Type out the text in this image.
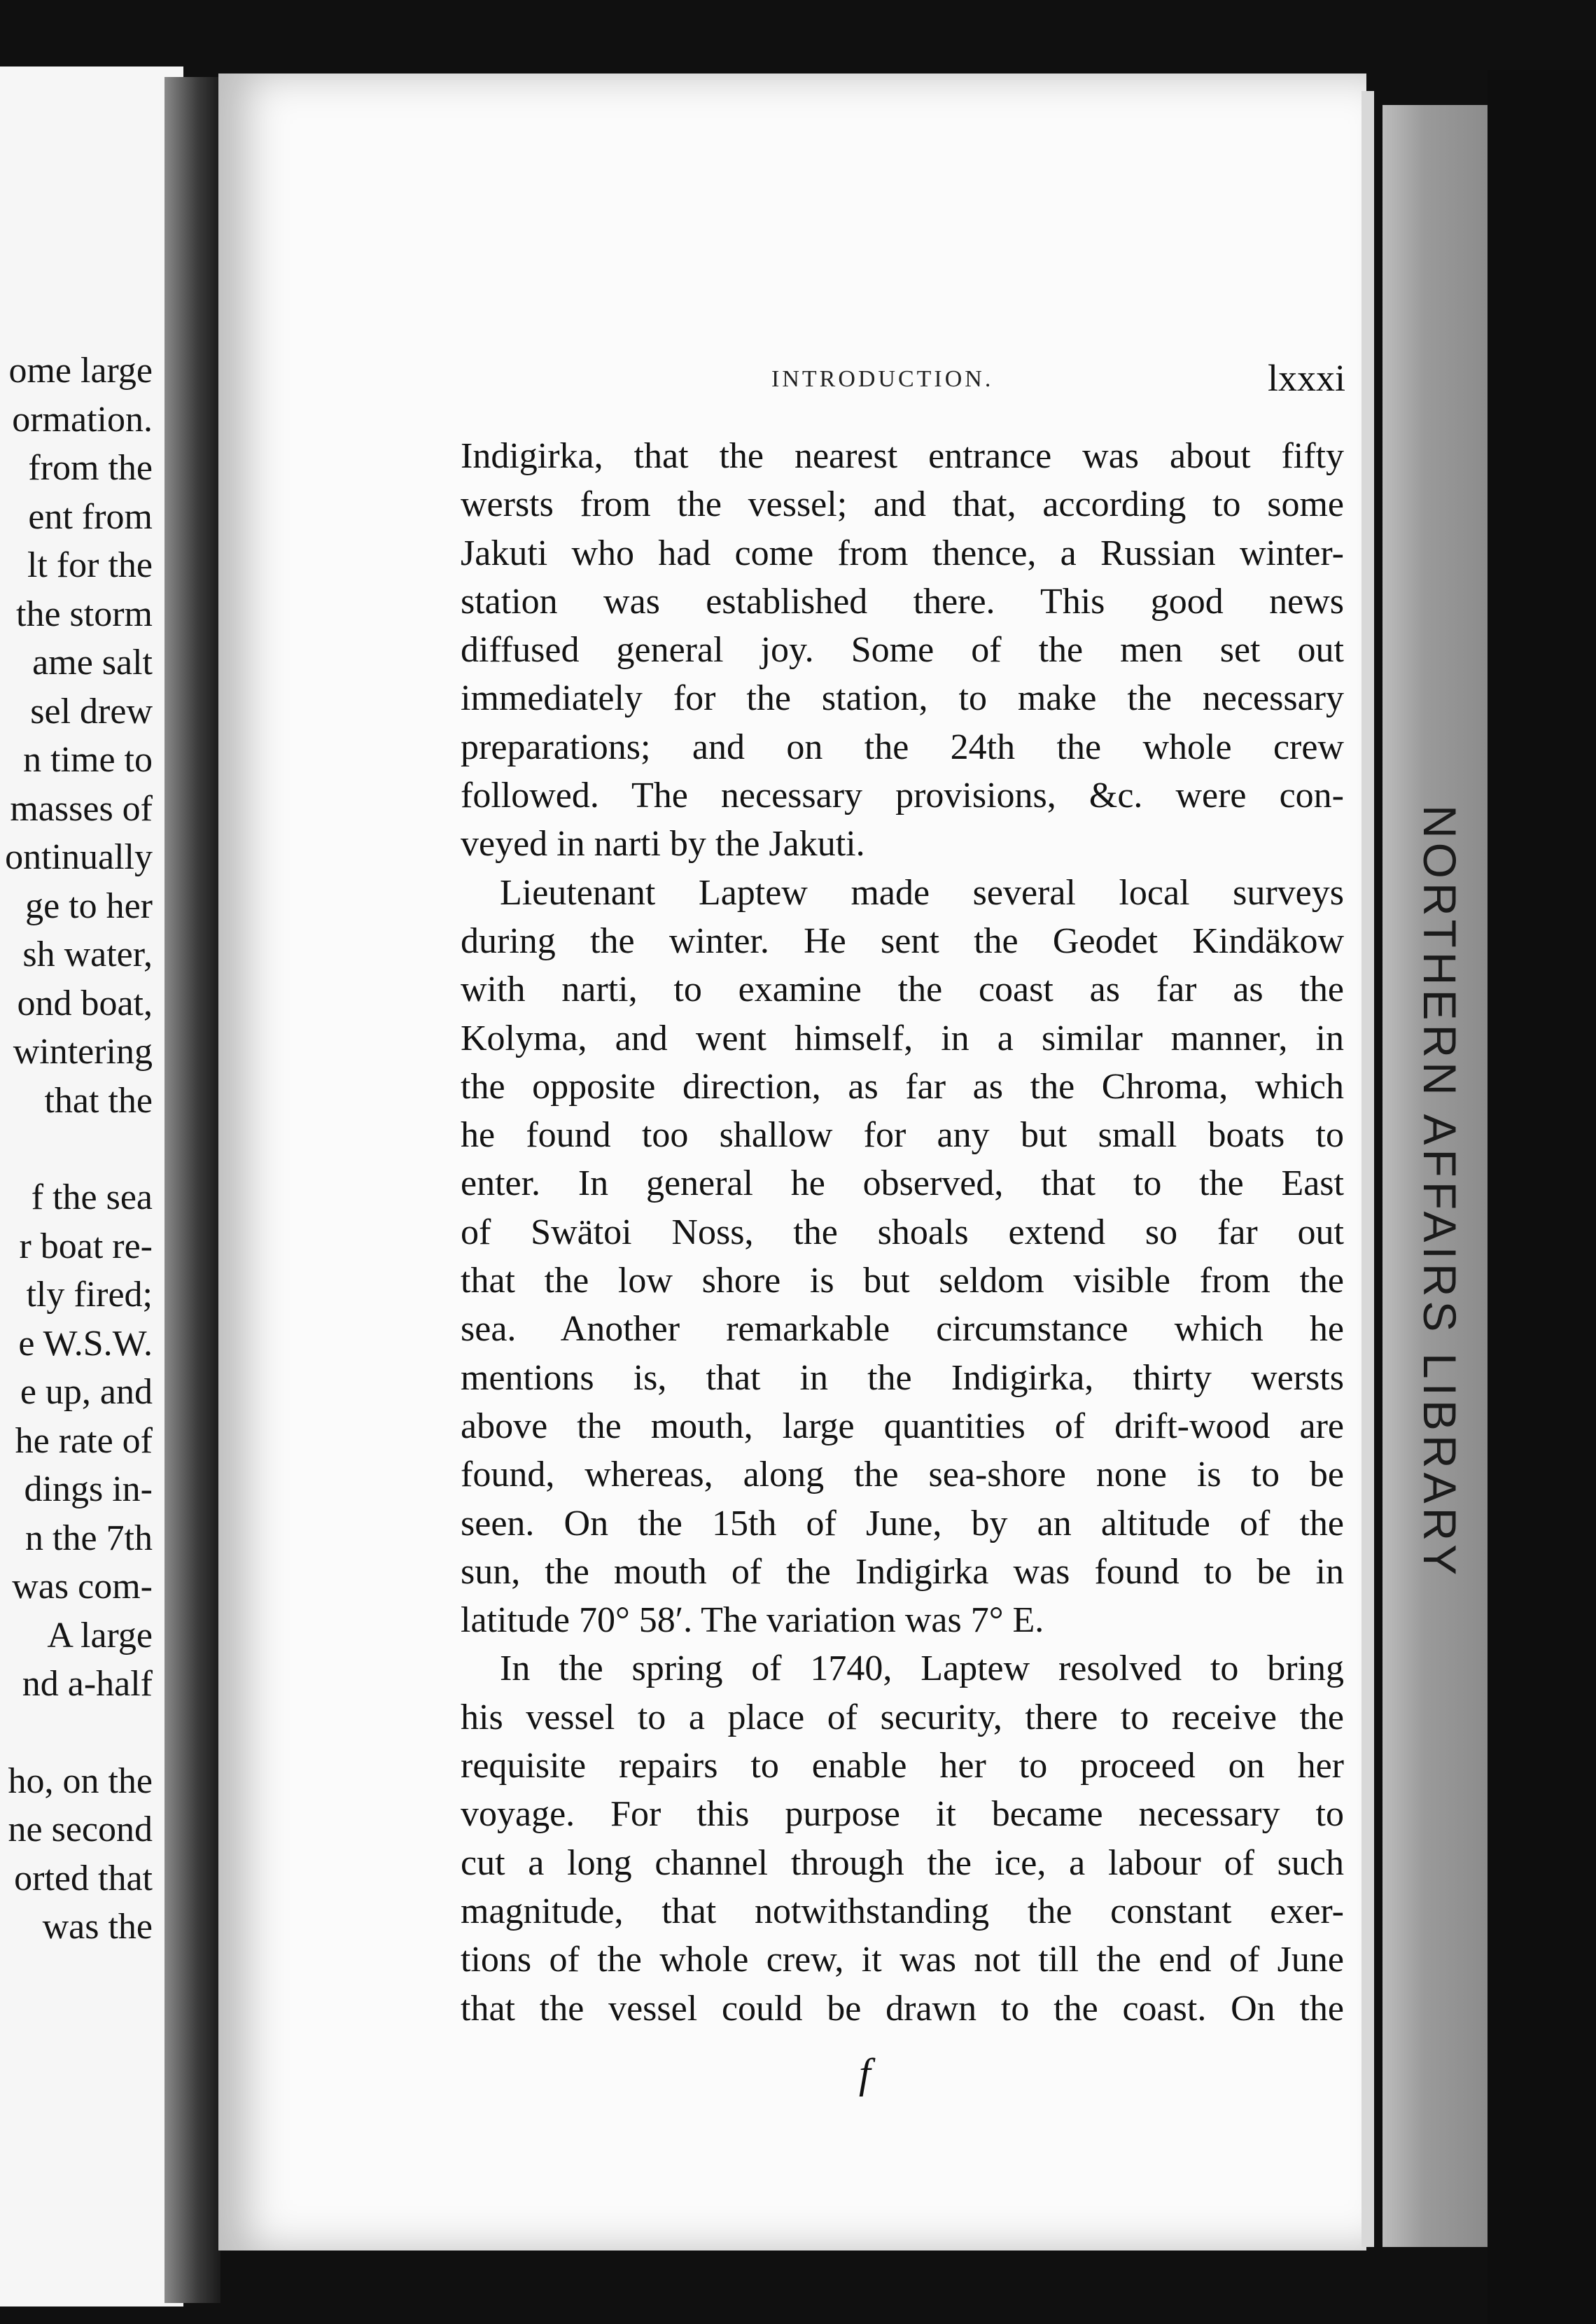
ome large
ormation.
from the
ent from
lt for the
the storm
ame salt
sel drew
n time to
masses of
ontinually
ge to her
sh water,
ond boat,
wintering
that the
f the sea
r boat re-
tly fired;
e W.S.W.
e up, and
he rate of
dings in-
n the 7th
was com-
A large
nd a-half
ho, on the
ne second
orted that
was the
INTRODUCTION.	lxxxi
Indigirka, that the nearest entrance was about fifty
wersts from the vessel; and that, according to some
Jakuti who had come from thence, a Russian winter-
station was established there. This good news
diffused general joy. Some of the men set out
immediately for the station, to make the necessary
preparations; and on the 24th the whole crew
followed. The necessary provisions, &c. were con-
veyed in narti by the Jakuti.
Lieutenant Laptew made several local surveys
during the winter. He sent the Geodet Kindäkow
with narti, to examine the coast as far as the
Kolyma, and went himself, in a similar manner, in
the opposite direction, as far as the Chroma, which
he found too shallow for any but small boats to
enter. In general he observed, that to the East
of Swätoi Noss, the shoals extend so far out
that the low shore is but seldom visible from the
sea. Another remarkable circumstance which he
mentions is, that in the Indigirka, thirty wersts
above the mouth, large quantities of drift-wood are
found, whereas, along the sea-shore none is to be
seen. On the 15th of June, by an altitude of the
sun, the mouth of the Indigirka was found to be in
latitude 70° 58′. The variation was 7° E.
In the spring of 1740, Laptew resolved to bring
his vessel to a place of security, there to receive the
requisite repairs to enable her to proceed on her
voyage. For this purpose it became necessary to
cut a long channel through the ice, a labour of such
magnitude, that notwithstanding the constant exer-
tions of the whole crew, it was not till the end of June
that the vessel could be drawn to the coast. On the
f
NORTHERN AFFAIRS LIBRARY
